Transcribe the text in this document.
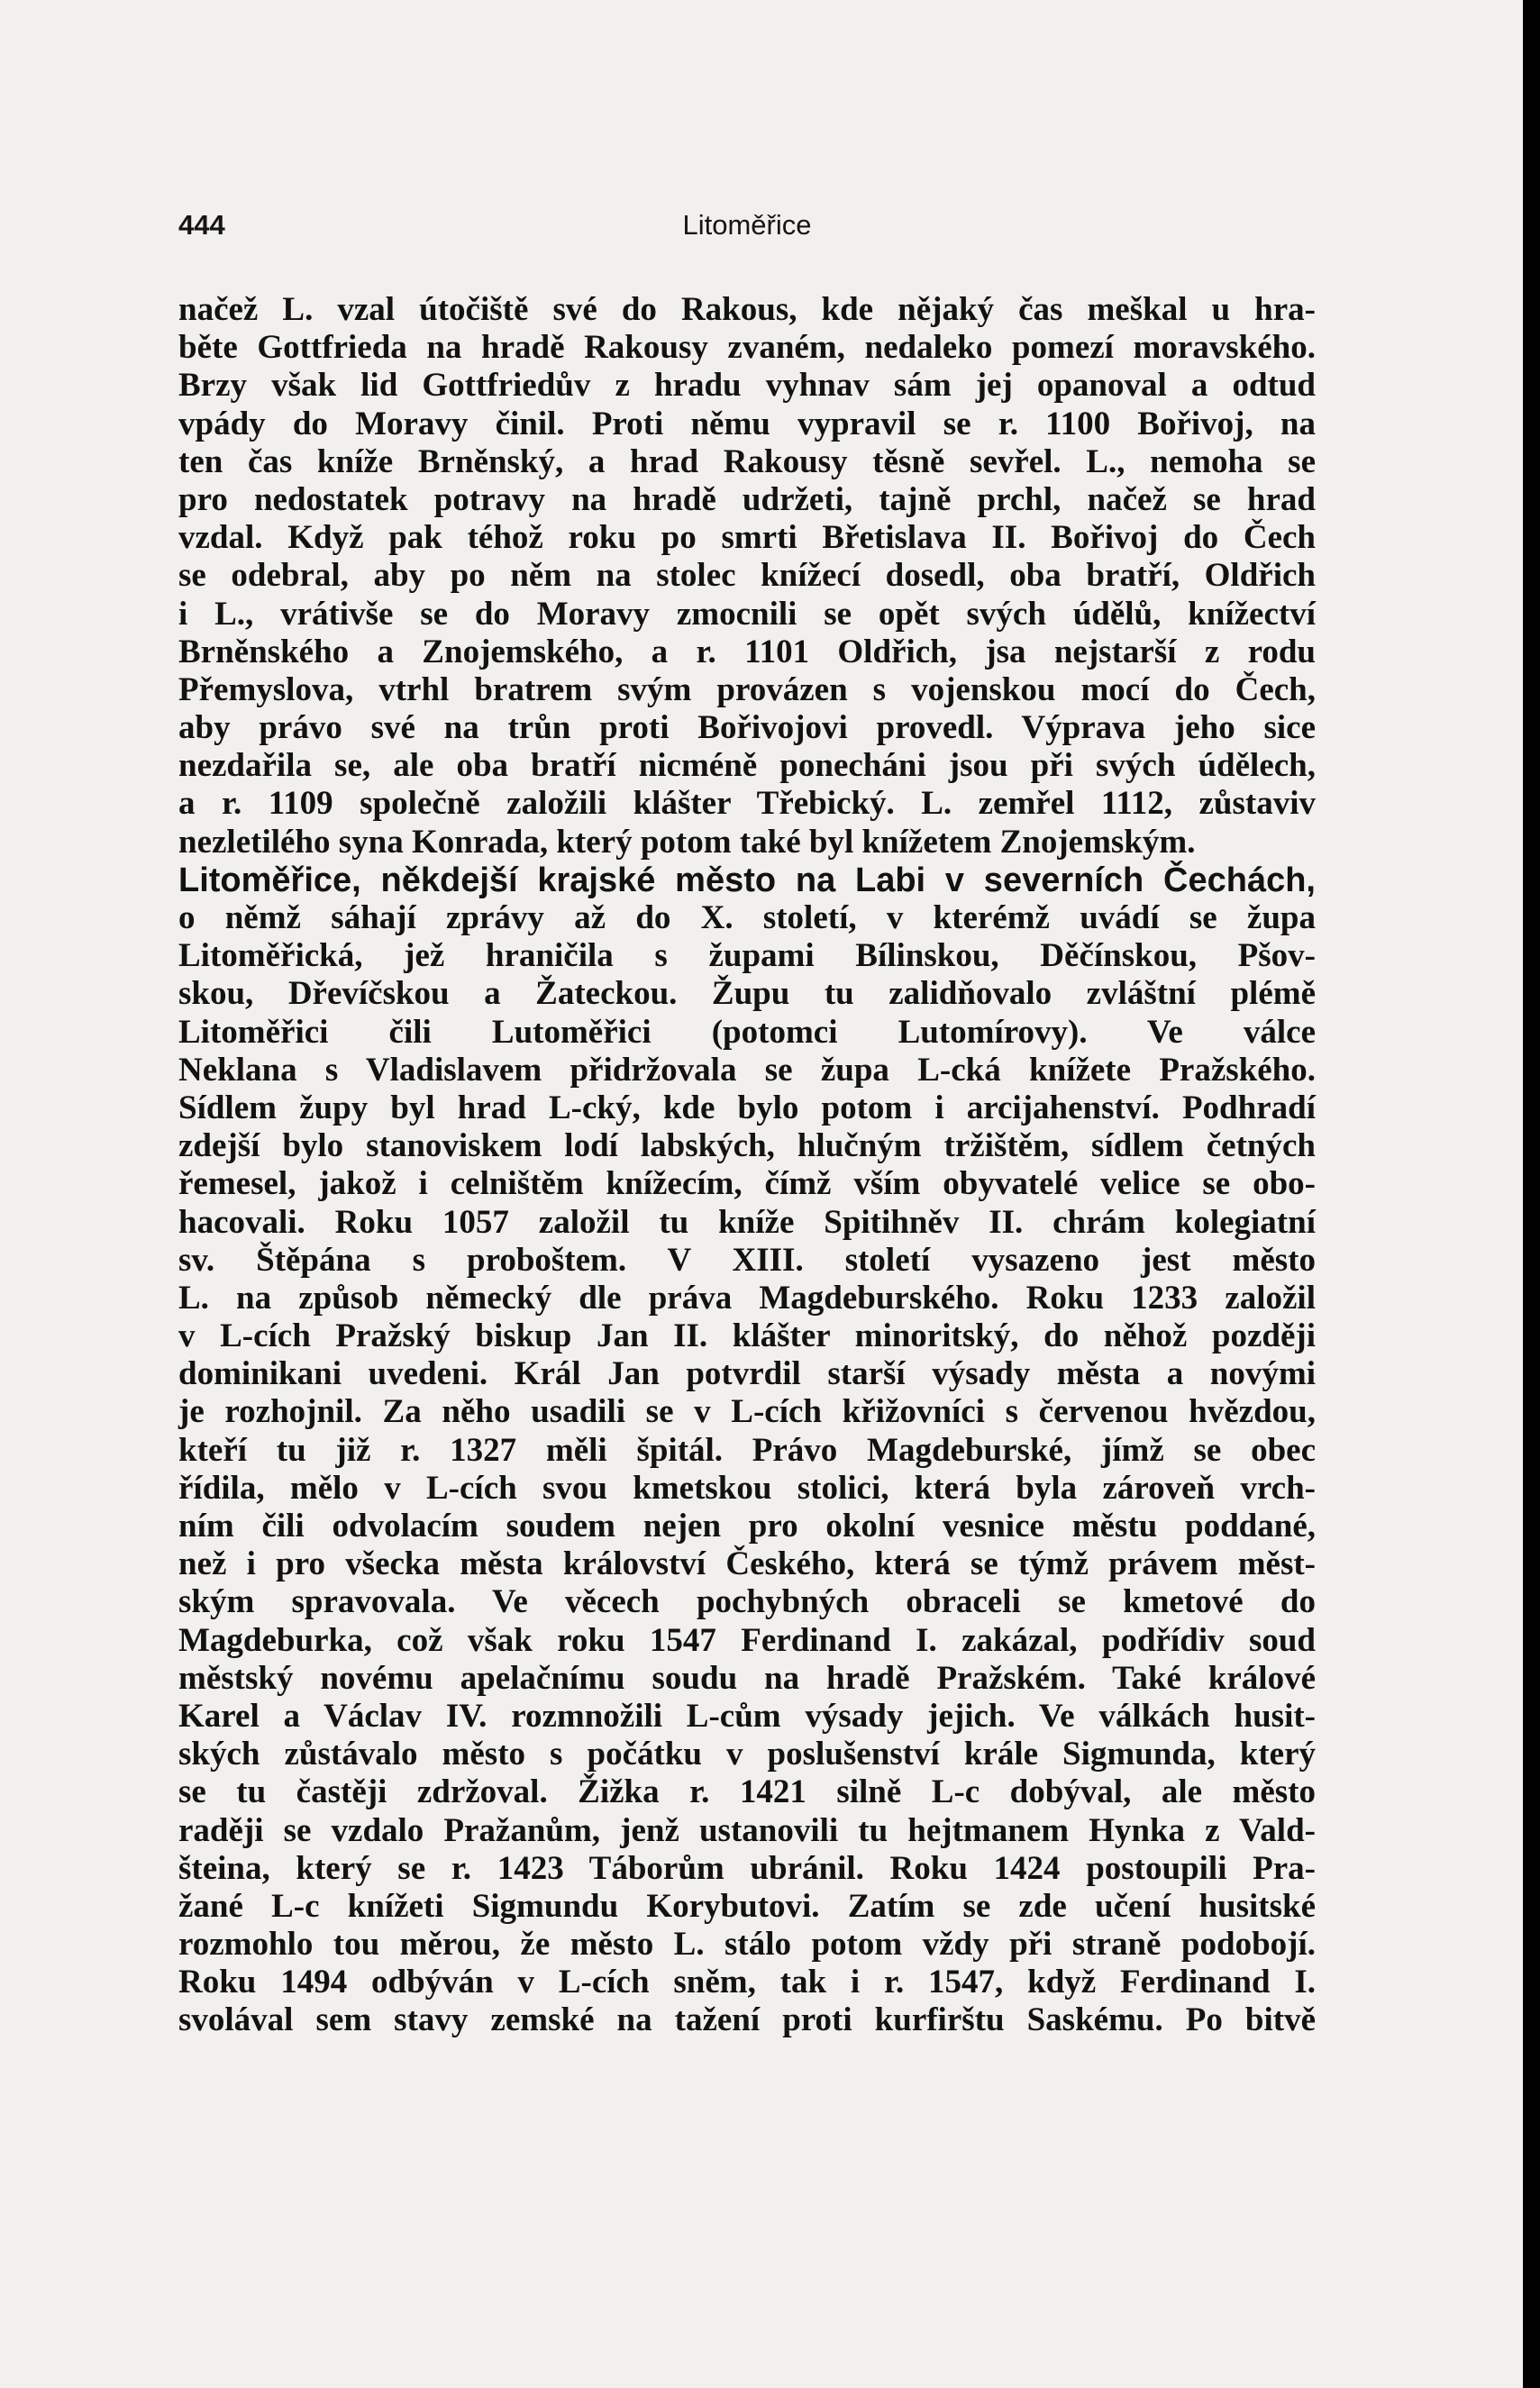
444	Litoměřice
načež L. vzal útočiště své do Rakous, kde nějaký čas meškal u hra-
běte Gottfrieda na hradě Rakousy zvaném, nedaleko pomezí moravského.
Brzy však lid Gottfriedův z hradu vyhnav sám jej opanoval a odtud
vpády do Moravy činil. Proti němu vypravil se r. 1100 Bořivoj, na
ten čas kníže Brněnský, a hrad Rakousy těsně sevřel. L., nemoha se
pro nedostatek potravy na hradě udržeti, tajně prchl, načež se hrad
vzdal. Když pak téhož roku po smrti Břetislava II. Bořivoj do Čech
se odebral, aby po něm na stolec knížecí dosedl, oba bratří, Oldřich
i L., vrátivše se do Moravy zmocnili se opět svých údělů, knížectví
Brněnského a Znojemského, a r. 1101 Oldřich, jsa nejstarší z rodu
Přemyslova, vtrhl bratrem svým provázen s vojenskou mocí do Čech,
aby právo své na trůn proti Bořivojovi provedl. Výprava jeho sice
nezdařila se, ale oba bratří nicméně ponecháni jsou při svých údělech,
a r. 1109 společně založili klášter Třebický. L. zemřel 1112, zůstaviv
nezletilého syna Konrada, který potom také byl knížetem Znojemským.
Litoměřice, někdejší krajské město na Labi v severních Čechách,
o němž sáhají zprávy až do X. století, v kterémž uvádí se župa
Litoměřická, jež hraničila s župami Bílinskou, Děčínskou, Pšov-
skou, Dřevíčskou a Žateckou. Župu tu zalidňovalo zvláštní plémě
Litoměřici čili Lutoměřici (potomci Lutomírovy). Ve válce
Neklana s Vladislavem přidržovala se župa L-cká knížete Pražského.
Sídlem župy byl hrad L-cký, kde bylo potom i arcijahenství. Podhradí
zdejší bylo stanoviskem lodí labských, hlučným tržištěm, sídlem četných
řemesel, jakož i celništěm knížecím, čímž vším obyvatelé velice se obo-
hacovali. Roku 1057 založil tu kníže Spitihněv II. chrám kolegiatní
sv. Štěpána s proboštem. V XIII. století vysazeno jest město
L. na způsob německý dle práva Magdeburského. Roku 1233 založil
v L-cích Pražský biskup Jan II. klášter minoritský, do něhož později
dominikani uvedeni. Král Jan potvrdil starší výsady města a novými
je rozhojnil. Za něho usadili se v L-cích křižovníci s červenou hvězdou,
kteří tu již r. 1327 měli špitál. Právo Magdeburské, jímž se obec
řídila, mělo v L-cích svou kmetskou stolici, která byla zároveň vrch-
ním čili odvolacím soudem nejen pro okolní vesnice městu poddané,
než i pro všecka města království Českého, která se týmž právem měst-
ským spravovala. Ve věcech pochybných obraceli se kmetové do
Magdeburka, což však roku 1547 Ferdinand I. zakázal, podřídiv soud
městský novému apelačnímu soudu na hradě Pražském. Také králové
Karel a Václav IV. rozmnožili L-cům výsady jejich. Ve válkách husit-
ských zůstávalo město s počátku v poslušenství krále Sigmunda, který
se tu častěji zdržoval. Žižka r. 1421 silně L-c dobýval, ale město
raději se vzdalo Pražanům, jenž ustanovili tu hejtmanem Hynka z Vald-
šteina, který se r. 1423 Táborům ubránil. Roku 1424 postoupili Pra-
žané L-c knížeti Sigmundu Korybutovi. Zatím se zde učení husitské
rozmohlo tou měrou, že město L. stálo potom vždy při straně podobojí.
Roku 1494 odbýván v L-cích sněm, tak i r. 1547, když Ferdinand I.
svolával sem stavy zemské na tažení proti kurfirštu Saskému. Po bitvě
